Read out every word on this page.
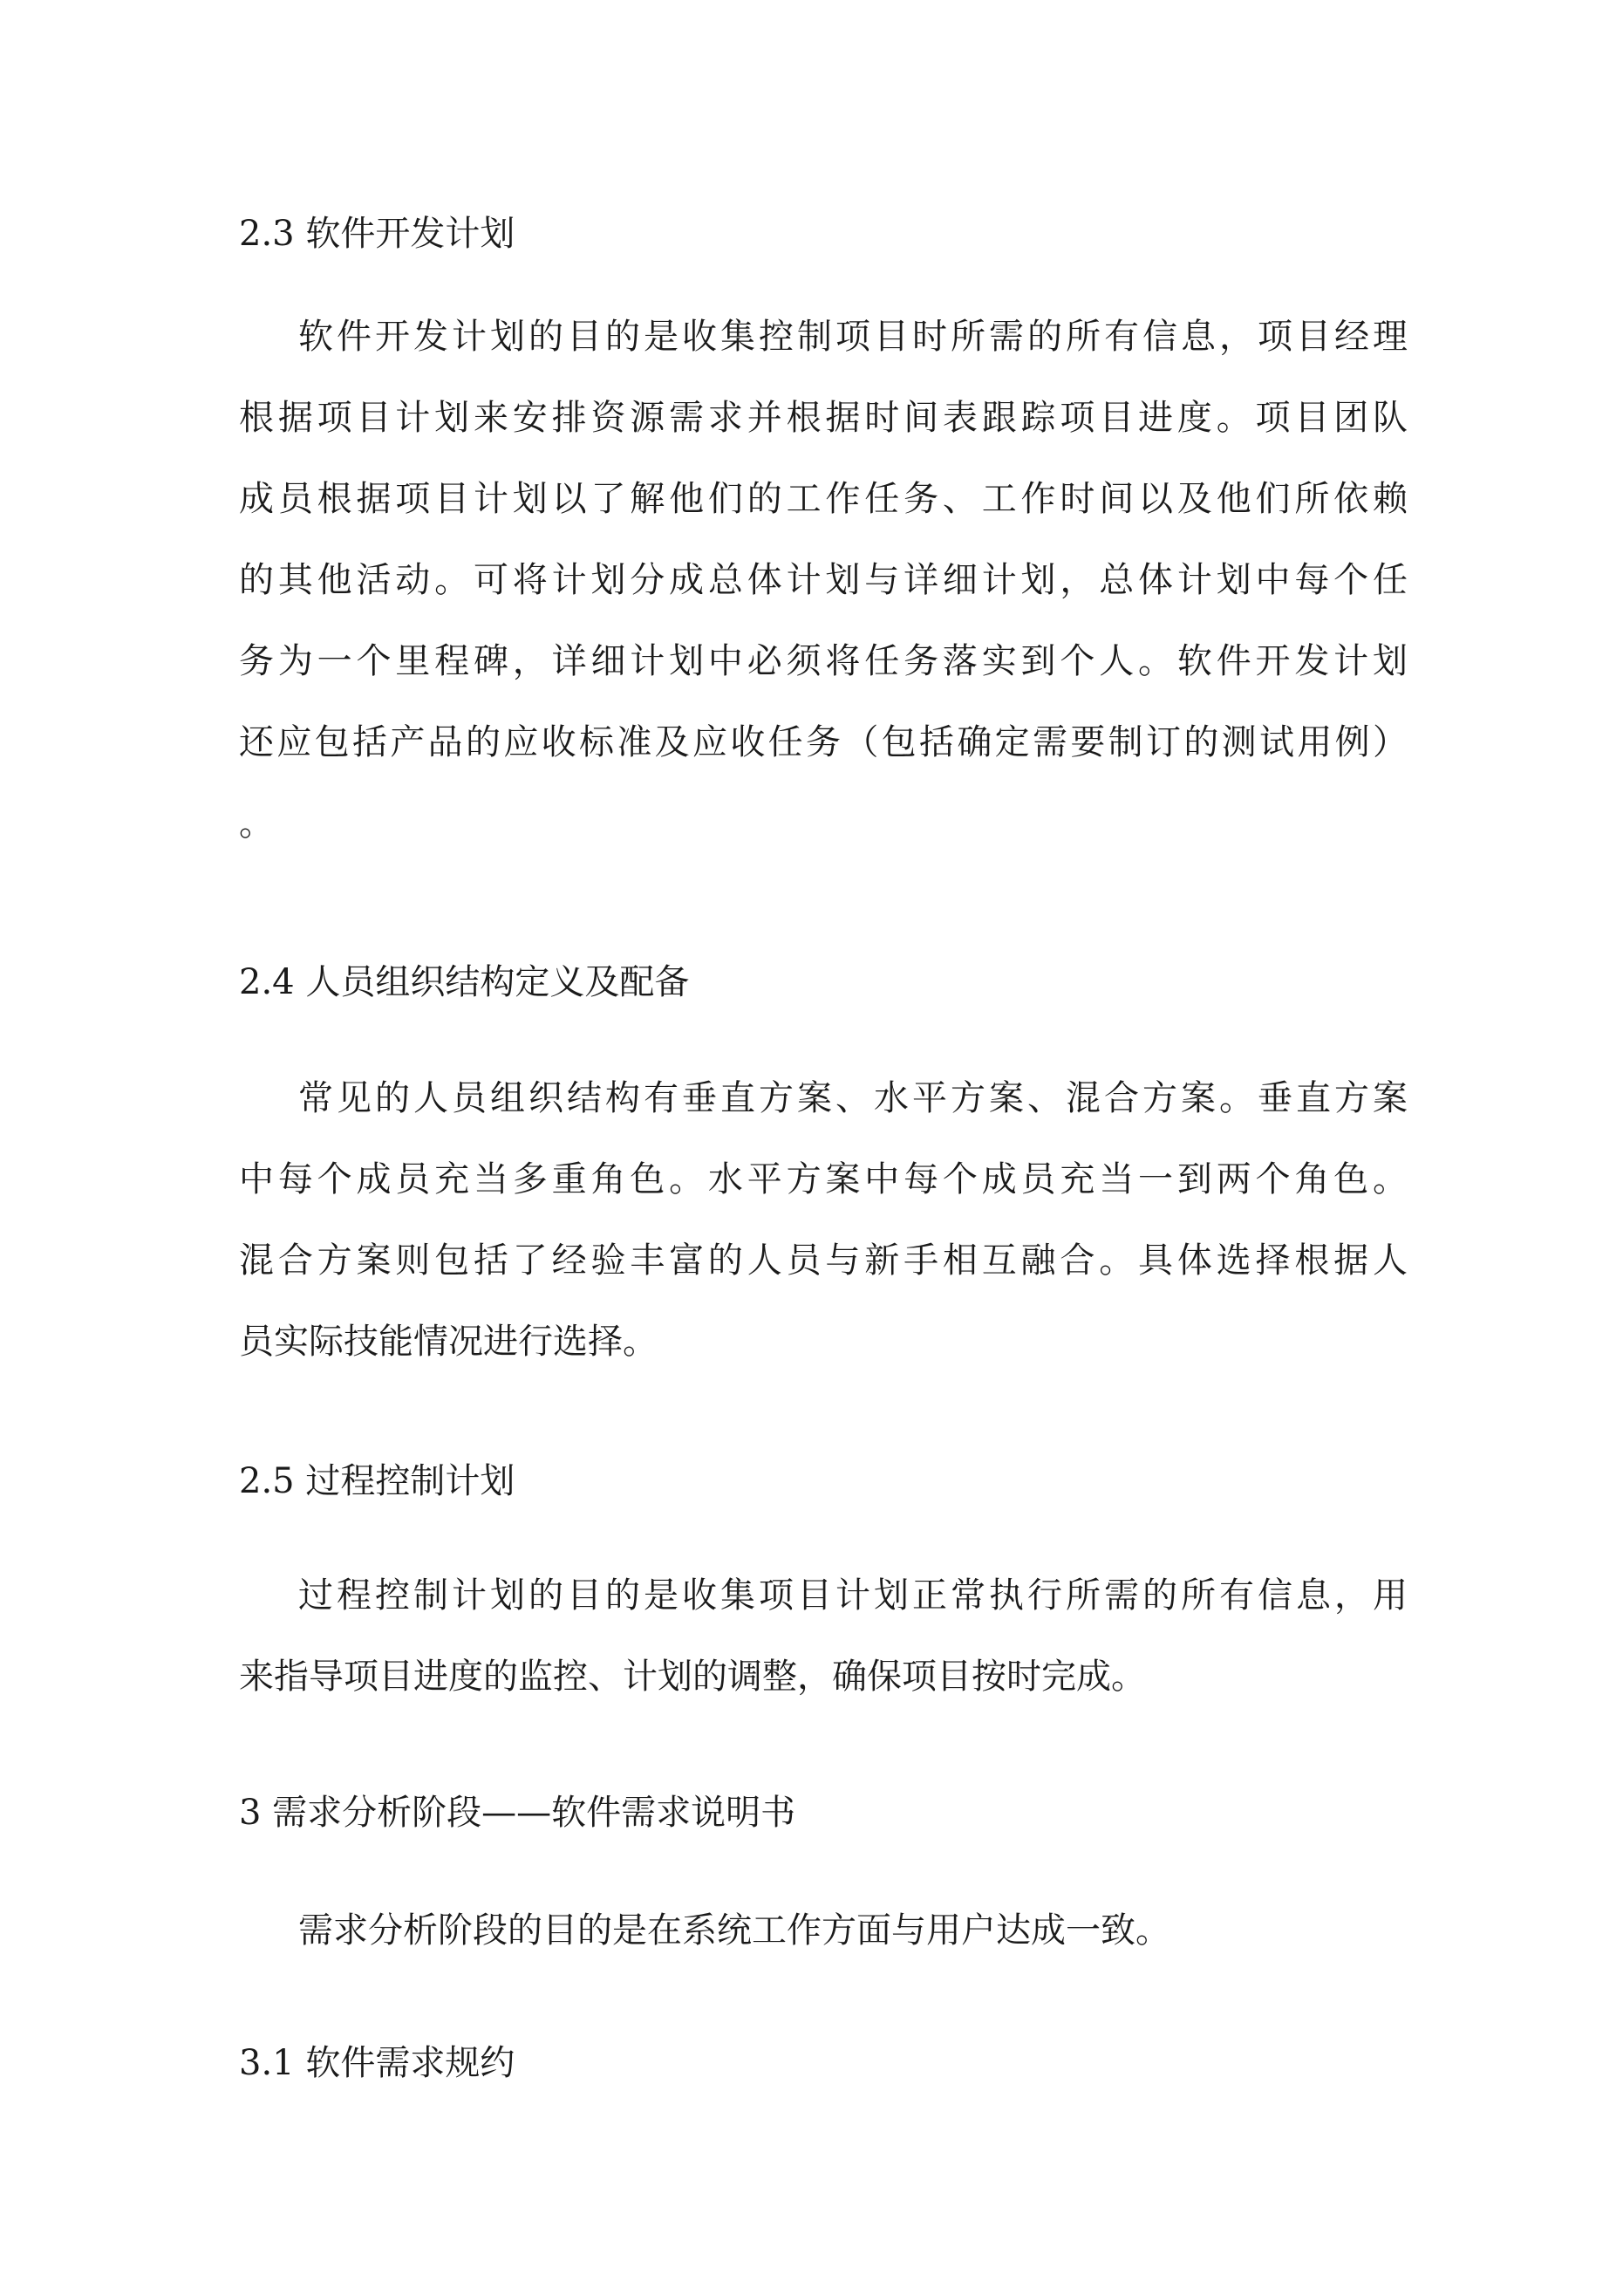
2.3 软件开发计划
软件开发计划的目的是收集控制项目时所需的所有信息，项目经理
根据项目计划来安排资源需求并根据时间表跟踪项目进度。项目团队
成员根据项目计划以了解他们的工作任务、工作时间以及他们所依赖
的其他活动。可将计划分成总体计划与详细计划，总体计划中每个任
务为一个里程碑，详细计划中必须将任务落实到个人。软件开发计划
还应包括产品的应收标准及应收任务（包括确定需要制订的测试用例）
。
2.4 人员组织结构定义及配备
常见的人员组织结构有垂直方案、水平方案、混合方案。垂直方案
中每个成员充当多重角色。水平方案中每个成员充当一到两个角色。
混合方案则包括了经验丰富的人员与新手相互融合。具体选择根据人
员实际技能情况进行选择。
2.5 过程控制计划
过程控制计划的目的是收集项目计划正常执行所需的所有信息，用
来指导项目进度的监控、计划的调整，确保项目按时完成。
3 需求分析阶段——软件需求说明书
需求分析阶段的目的是在系统工作方面与用户达成一致。
3.1 软件需求规约
